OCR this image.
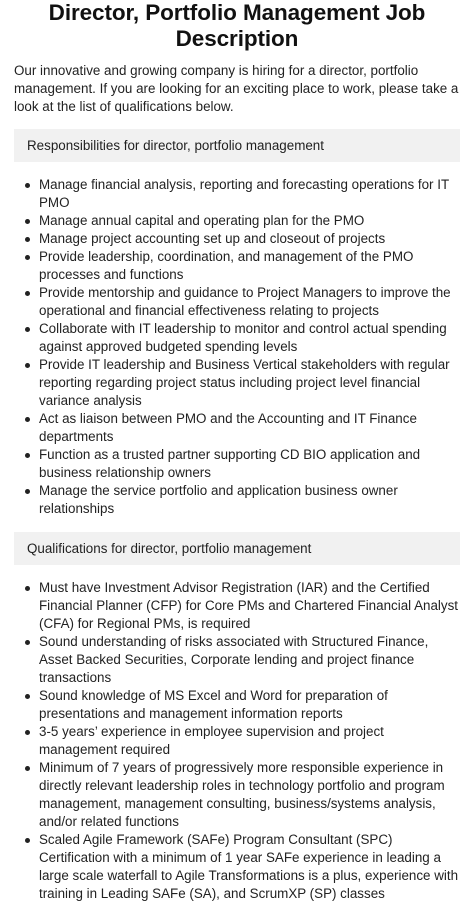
Director, Portfolio Management Job Description

Our innovative and growing company is hiring for a director, portfolio management. If you are looking for an exciting place to work, please take a look at the list of qualifications below.

Responsibilities for director, portfolio management
Manage financial analysis, reporting and forecasting operations for IT PMO
Manage annual capital and operating plan for the PMO
Manage project accounting set up and closeout of projects
Provide leadership, coordination, and management of the PMO processes and functions
Provide mentorship and guidance to Project Managers to improve the operational and financial effectiveness relating to projects
Collaborate with IT leadership to monitor and control actual spending against approved budgeted spending levels
Provide IT leadership and Business Vertical stakeholders with regular reporting regarding project status including project level financial variance analysis
Act as liaison between PMO and the Accounting and IT Finance departments
Function as a trusted partner supporting CD BIO application and business relationship owners
Manage the service portfolio and application business owner relationships
Qualifications for director, portfolio management
Must have Investment Advisor Registration (IAR) and the Certified Financial Planner (CFP) for Core PMs and Chartered Financial Analyst (CFA) for Regional PMs, is required
Sound understanding of risks associated with Structured Finance, Asset Backed Securities, Corporate lending and project finance transactions
Sound knowledge of MS Excel and Word for preparation of presentations and management information reports
3-5 years’ experience in employee supervision and project management required
Minimum of 7 years of progressively more responsible experience in directly relevant leadership roles in technology portfolio and program management, management consulting, business/systems analysis, and/or related functions
Scaled Agile Framework (SAFe) Program Consultant (SPC) Certification with a minimum of 1 year SAFe experience in leading a large scale waterfall to Agile Transformations is a plus, experience with training in Leading SAFe (SA), and ScrumXP (SP) classes
